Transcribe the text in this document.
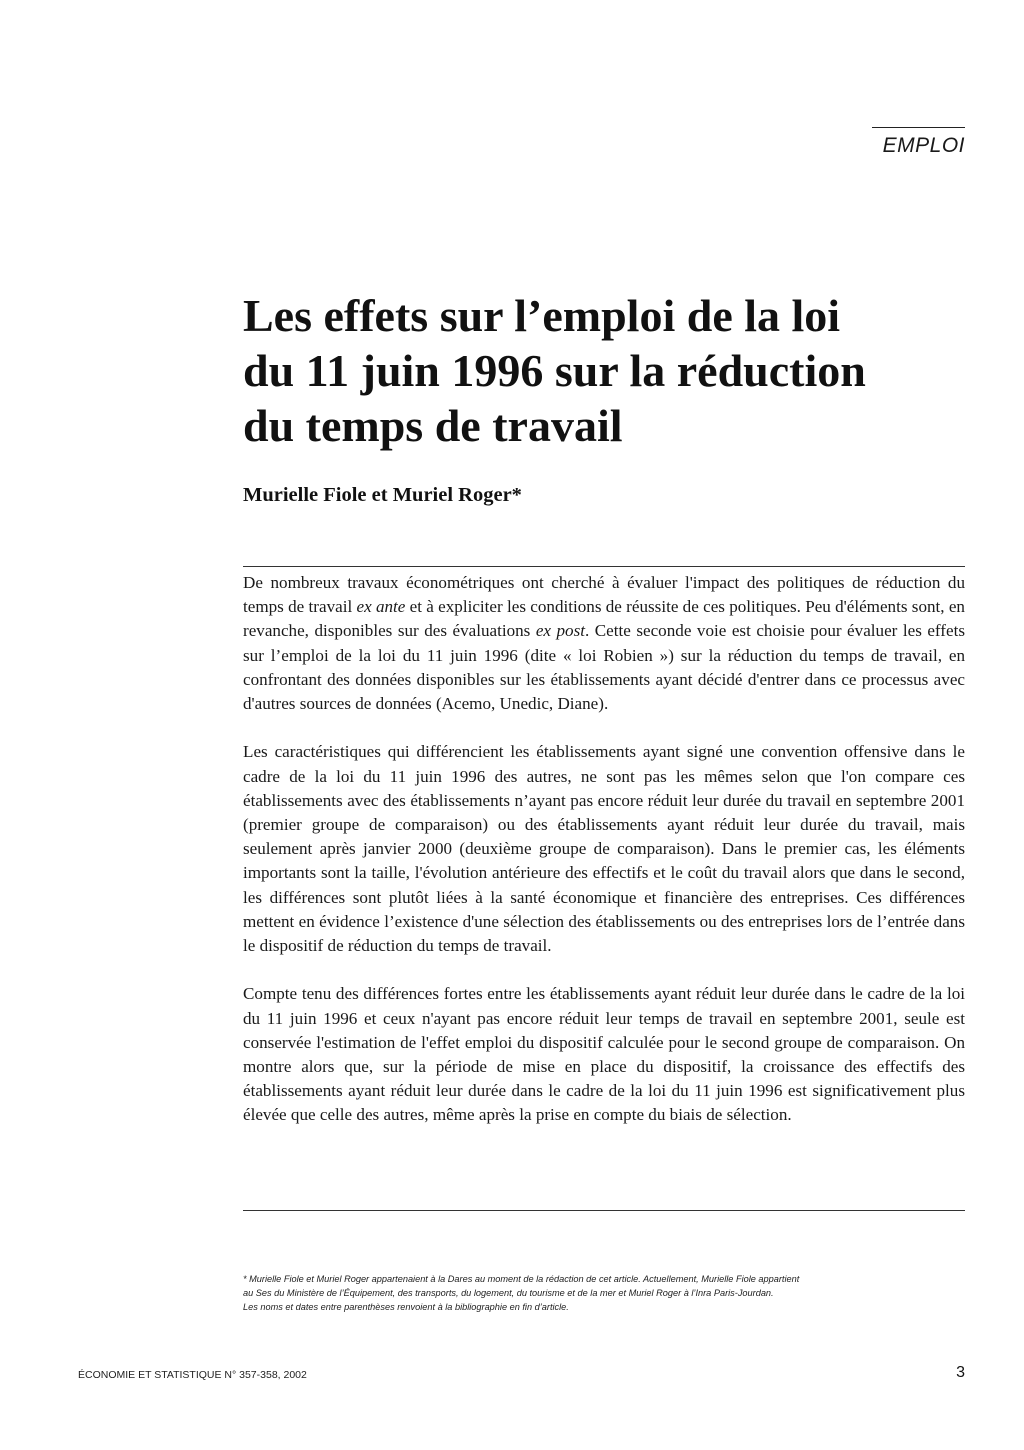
EMPLOI
Les effets sur l’emploi de la loi
du 11 juin 1996 sur la réduction
du temps de travail
Murielle Fiole et Muriel Roger*

De nombreux travaux économétriques ont cherché à évaluer l'impact des politiques de réduction du temps de travail ex ante et à expliciter les conditions de réussite de ces politiques. Peu d'éléments sont, en revanche, disponibles sur des évaluations ex post. Cette seconde voie est choisie pour évaluer les effets sur l’emploi de la loi du 11 juin 1996 (dite « loi Robien ») sur la réduction du temps de travail, en confrontant des données disponibles sur les établissements ayant décidé d'entrer dans ce processus avec d'autres sources de données (Acemo, Unedic, Diane).

Les caractéristiques qui différencient les établissements ayant signé une convention offensive dans le cadre de la loi du 11 juin 1996 des autres, ne sont pas les mêmes selon que l'on compare ces établissements avec des établissements n’ayant pas encore réduit leur durée du travail en septembre 2001 (premier groupe de comparaison) ou des établissements ayant réduit leur durée du travail, mais seulement après janvier 2000 (deuxième groupe de comparaison). Dans le premier cas, les éléments importants sont la taille, l'évolution antérieure des effectifs et le coût du travail alors que dans le second, les différences sont plutôt liées à la santé économique et financière des entreprises. Ces différences mettent en évidence l’existence d'une sélection des établissements ou des entreprises lors de l’entrée dans le dispositif de réduction du temps de travail.

Compte tenu des différences fortes entre les établissements ayant réduit leur durée dans le cadre de la loi du 11 juin 1996 et ceux n'ayant pas encore réduit leur temps de travail en septembre 2001, seule est conservée l'estimation de l'effet emploi du dispositif calculée pour le second groupe de comparaison. On montre alors que, sur la période de mise en place du dispositif, la croissance des effectifs des établissements ayant réduit leur durée dans le cadre de la loi du 11 juin 1996 est significativement plus élevée que celle des autres, même après la prise en compte du biais de sélection.

* Murielle Fiole et Muriel Roger appartenaient à la Dares au moment de la rédaction de cet article. Actuellement, Murielle Fiole appartient
au Ses du Ministère de l’Équipement, des transports, du logement, du tourisme et de la mer et Muriel Roger à l’Inra Paris-Jourdan.
Les noms et dates entre parenthèses renvoient à la bibliographie en fin d’article.
ÉCONOMIE ET STATISTIQUE N° 357-358, 2002	3
